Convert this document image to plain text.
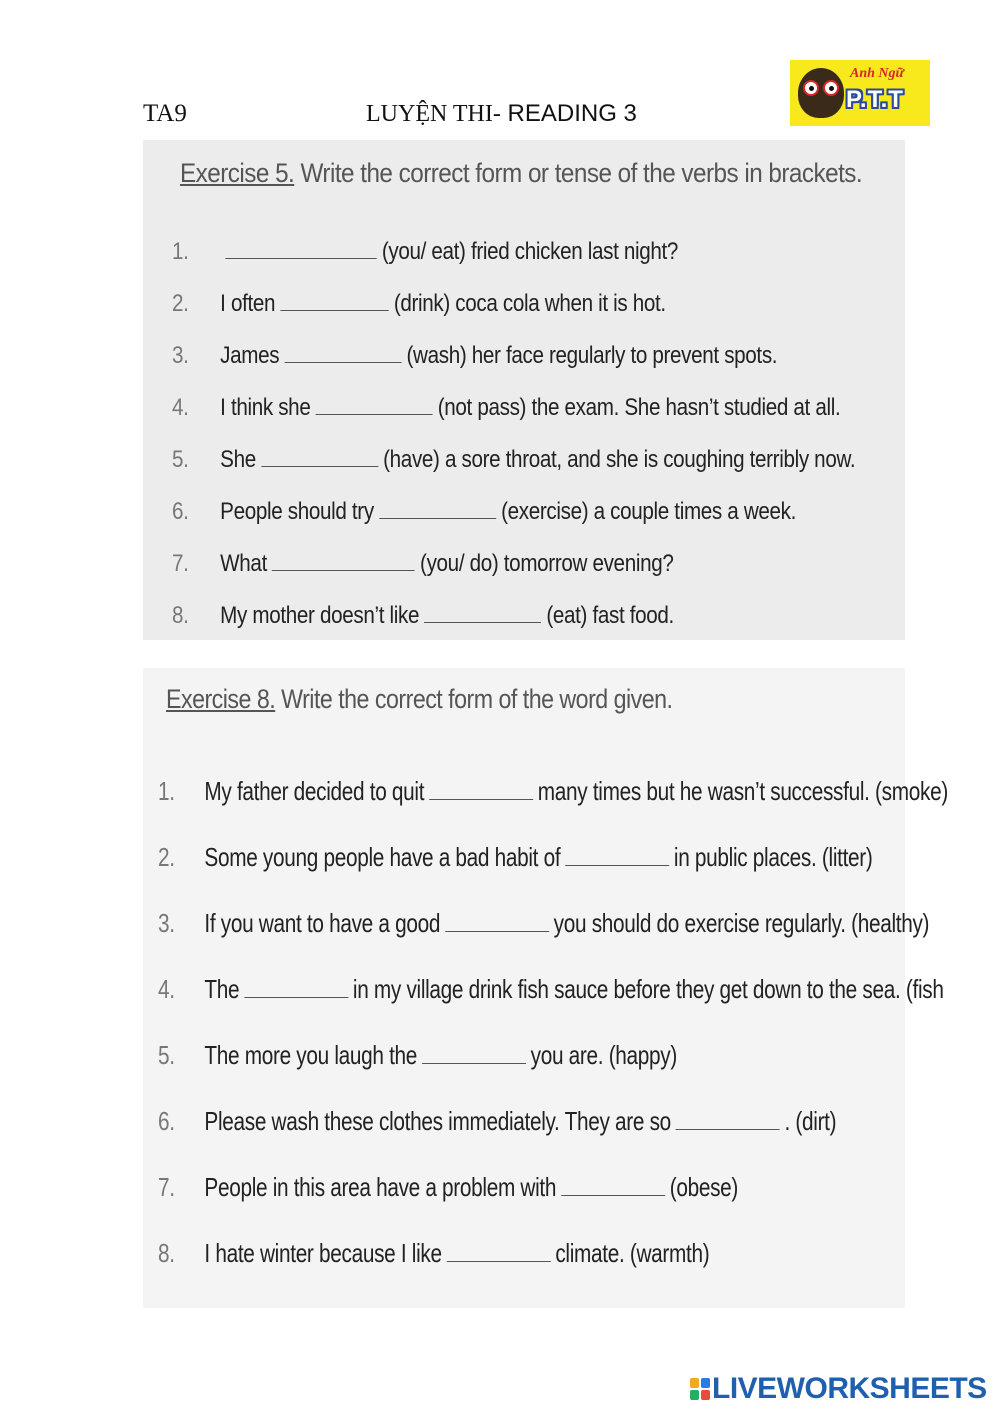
TA9	LUYỆN THI- READING 3
Anh Ngữ
P.T.T
Exercise 5. Write the correct form or tense of the verbs in brackets.
1.	(you/ eat) fried chicken last night?
2. I often	(drink) coca cola when it is hot.
3. James	(wash) her face regularly to prevent spots.
4. I think she	(not pass) the exam. She hasn’t studied at all.
5. She	(have) a sore throat, and she is coughing terribly now.
6. People should try	(exercise) a couple times a week.
7. What	(you/ do) tomorrow evening?
8. My mother doesn’t like	(eat) fast food.
Exercise 8. Write the correct form of the word given.
1. My father decided to quit	many times but he wasn’t successful. (smoke)
2. Some young people have a bad habit of	in public places. (litter)
3. If you want to have a good	you should do exercise regularly. (healthy)
4. The	in my village drink fish sauce before they get down to the sea. (fish
5. The more you laugh the	you are. (happy)
6. Please wash these clothes immediately. They are so	. (dirt)
7. People in this area have a problem with	(obese)
8. I hate winter because I like	climate. (warmth)
LIVEWORKSHEETS
